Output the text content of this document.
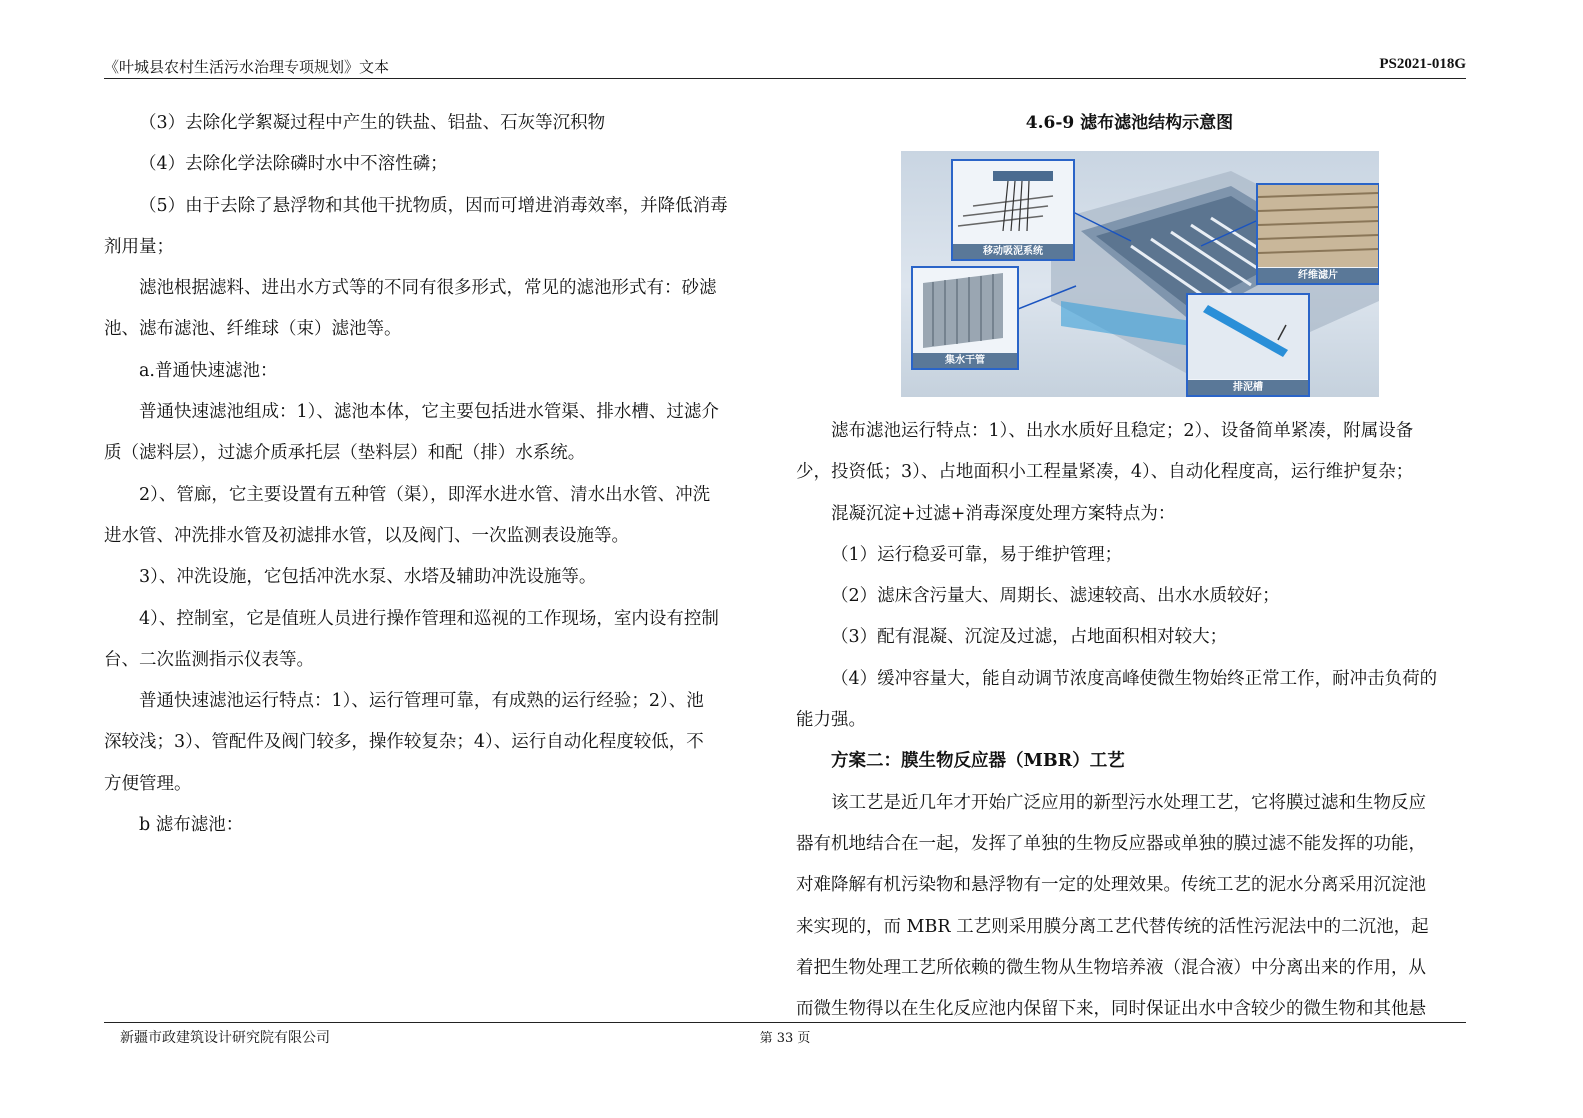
《叶城县农村生活污水治理专项规划》文本	PS2021-018G

（3）去除化学絮凝过程中产生的铁盐、铝盐、石灰等沉积物

（4）去除化学法除磷时水中不溶性磷；

（5）由于去除了悬浮物和其他干扰物质，因而可增进消毒效率，并降低消毒

剂用量；

滤池根据滤料、进出水方式等的不同有很多形式，常见的滤池形式有：砂滤

池、滤布滤池、纤维球（束）滤池等。

a.普通快速滤池：

普通快速滤池组成：1）、滤池本体，它主要包括进水管渠、排水槽、过滤介

质（滤料层），过滤介质承托层（垫料层）和配（排）水系统。

2）、管廊，它主要设置有五种管（渠），即浑水进水管、清水出水管、冲洗

进水管、冲洗排水管及初滤排水管，以及阀门、一次监测表设施等。

3）、冲洗设施，它包括冲洗水泵、水塔及辅助冲洗设施等。

4）、控制室，它是值班人员进行操作管理和巡视的工作现场，室内设有控制

台、二次监测指示仪表等。

普通快速滤池运行特点：1）、运行管理可靠，有成熟的运行经验；2）、池

深较浅；3）、管配件及阀门较多，操作较复杂；4）、运行自动化程度较低，不

方便管理。

b 滤布滤池：

4.6-9 滤布滤池结构示意图
移动吸泥系统
纤维滤片
集水干管
排泥槽

滤布滤池运行特点：1）、出水水质好且稳定；2）、设备简单紧凑，附属设备

少，投资低；3）、占地面积小工程量紧凑，4）、自动化程度高，运行维护复杂；

混凝沉淀+过滤+消毒深度处理方案特点为：

（1）运行稳妥可靠，易于维护管理；

（2）滤床含污量大、周期长、滤速较高、出水水质较好；

（3）配有混凝、沉淀及过滤，占地面积相对较大；

（4）缓冲容量大，能自动调节浓度高峰使微生物始终正常工作，耐冲击负荷的

能力强。

方案二：膜生物反应器（MBR）工艺

该工艺是近几年才开始广泛应用的新型污水处理工艺，它将膜过滤和生物反应

器有机地结合在一起，发挥了单独的生物反应器或单独的膜过滤不能发挥的功能，

对难降解有机污染物和悬浮物有一定的处理效果。传统工艺的泥水分离采用沉淀池

来实现的，而 MBR 工艺则采用膜分离工艺代替传统的活性污泥法中的二沉池，起

着把生物处理工艺所依赖的微生物从生物培养液（混合液）中分离出来的作用，从

而微生物得以在生化反应池内保留下来，同时保证出水中含较少的微生物和其他悬

新疆市政建筑设计研究院有限公司	第 33 页
